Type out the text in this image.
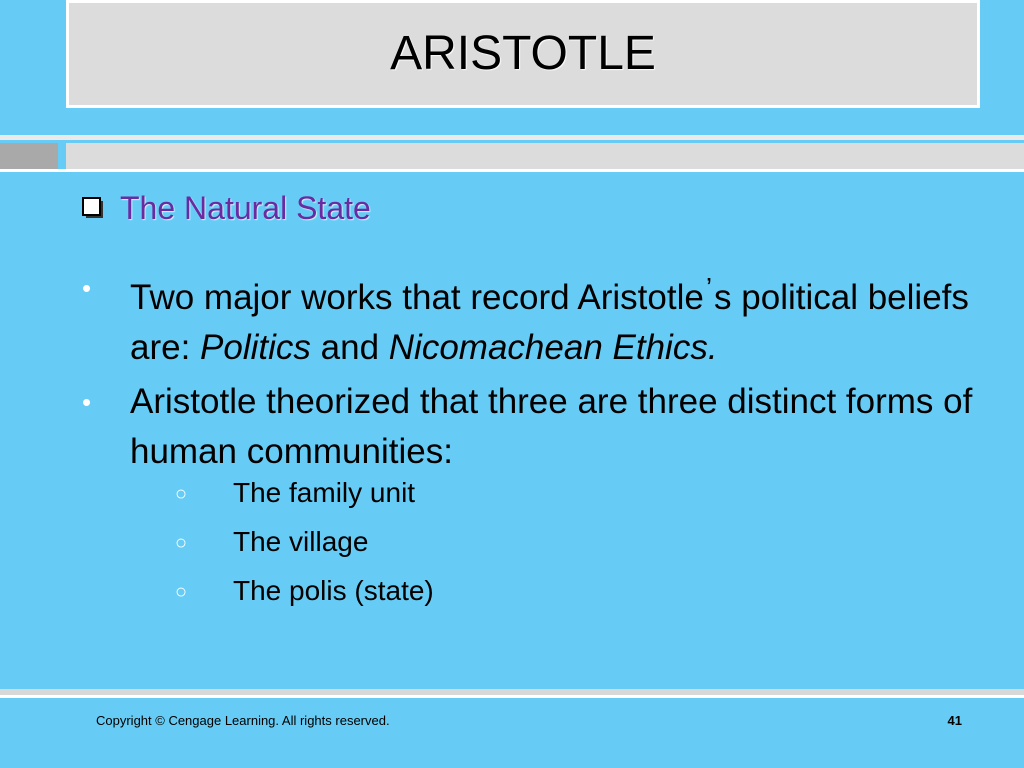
ARISTOTLE
The Natural State
• Two major works that record Aristotle’s political beliefs are: Politics and Nicomachean Ethics.
• Aristotle theorized that three are three distinct forms of human communities:
○ The family unit
○ The village
○ The polis (state)
Copyright © Cengage Learning. All rights reserved.	41
